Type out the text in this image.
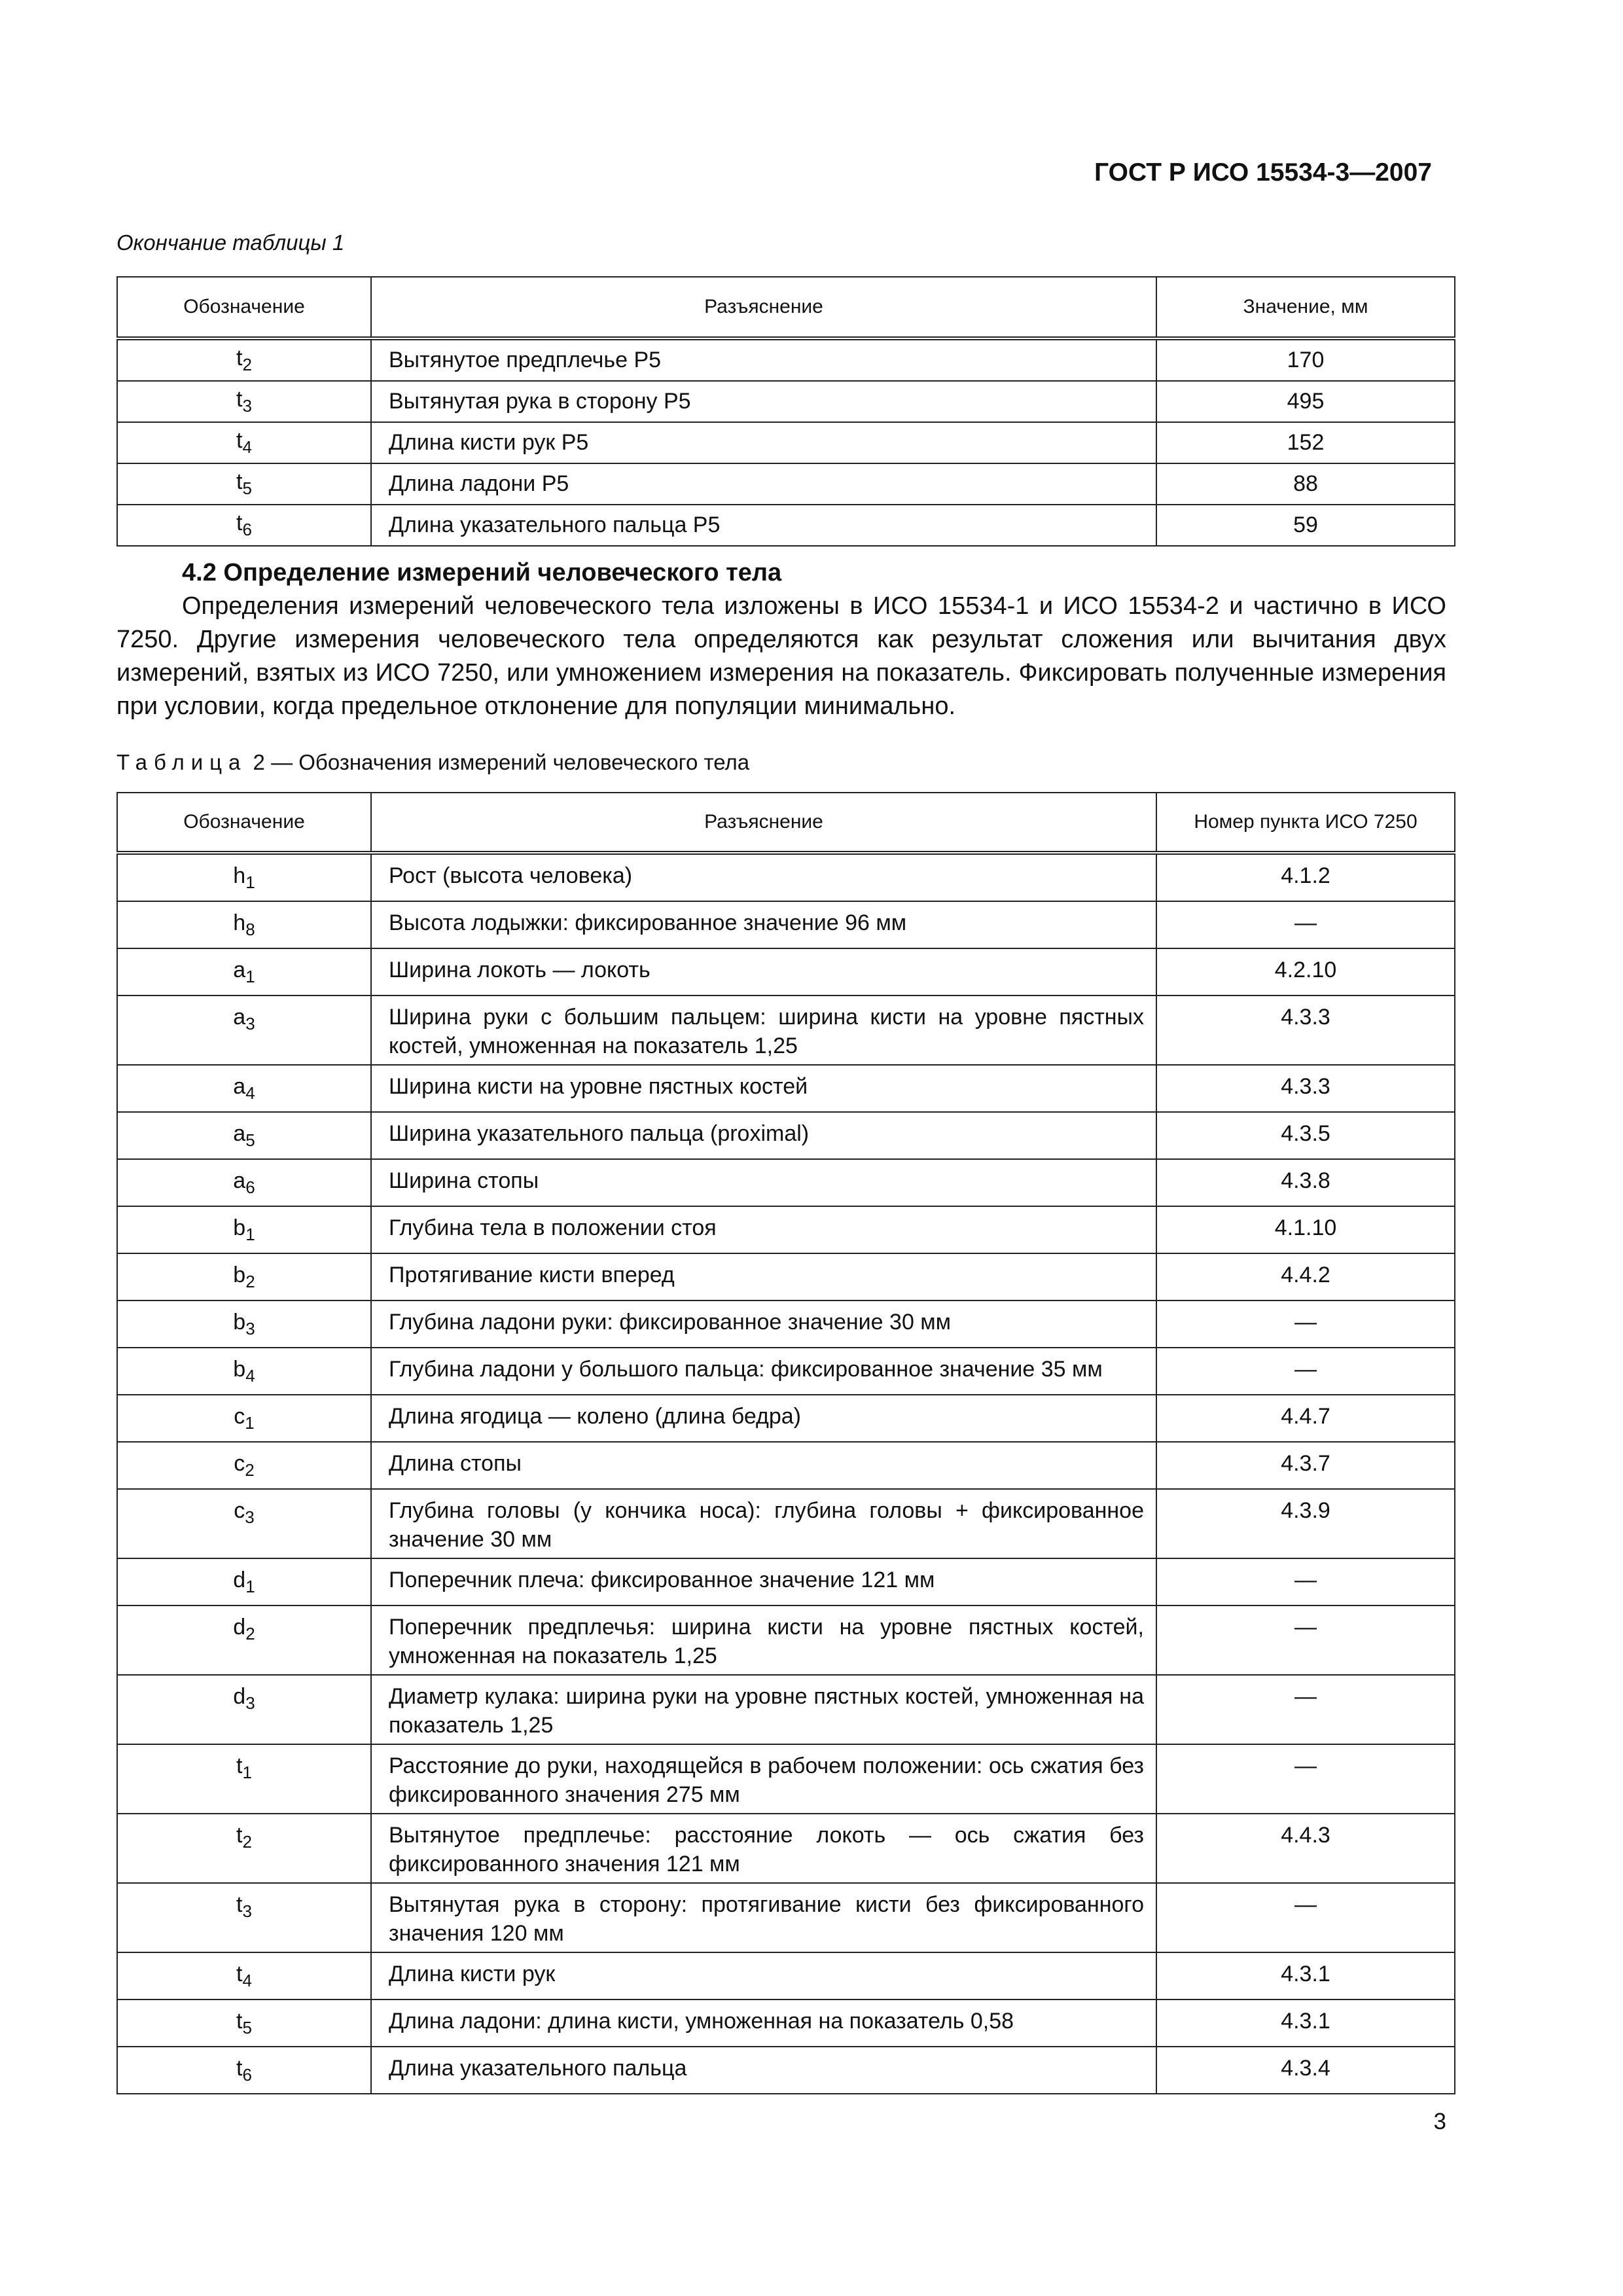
ГОСТ Р ИСО 15534-3—2007
Окончание таблицы 1
Обозначение	Разъяснение	Значение, мм
$t_2$	Вытянутое предплечье Р5	170
$t_3$	Вытянутая рука в сторону Р5	495
$t_4$	Длина кисти рук Р5	152
$t_5$	Длина ладони Р5	88
$t_6$	Длина указательного пальца Р5	59
4.2 Определение измерений человеческого тела
Определения измерений человеческого тела изложены в ИСО 15534-1 и ИСО 15534-2 и частично в ИСО 7250. Другие измерения человеческого тела определяются как результат сложения или вычитания двух измерений, взятых из ИСО 7250, или умножением измерения на показатель. Фиксировать полученные измерения при условии, когда предельное отклонение для популяции минимально.
Таблица 2 — Обозначения измерений человеческого тела
Обозначение	Разъяснение	Номер пункта ИСО 7250
$h_1$	Рост (высота человека)	4.1.2
$h_8$	Высота лодыжки: фиксированное значение 96 мм	—
$a_1$	Ширина локоть — локоть	4.2.10
$a_3$	Ширина руки с большим пальцем: ширина кисти на уровне пястных костей, умноженная на показатель 1,25	4.3.3
$a_4$	Ширина кисти на уровне пястных костей	4.3.3
$a_5$	Ширина указательного пальца (proximal)	4.3.5
$a_6$	Ширина стопы	4.3.8
$b_1$	Глубина тела в положении стоя	4.1.10
$b_2$	Протягивание кисти вперед	4.4.2
$b_3$	Глубина ладони руки: фиксированное значение 30 мм	—
$b_4$	Глубина ладони у большого пальца: фиксированное значение 35 мм	—
$c_1$	Длина ягодица — колено (длина бедра)	4.4.7
$c_2$	Длина стопы	4.3.7
$c_3$	Глубина головы (у кончика носа): глубина головы + фиксированное значение 30 мм	4.3.9
$d_1$	Поперечник плеча: фиксированное значение 121 мм	—
$d_2$	Поперечник предплечья: ширина кисти на уровне пястных костей, умноженная на показатель 1,25	—
$d_3$	Диаметр кулака: ширина руки на уровне пястных костей, умноженная на показатель 1,25	—
$t_1$	Расстояние до руки, находящейся в рабочем положении: ось сжатия без фиксированного значения 275 мм	—
$t_2$	Вытянутое предплечье: расстояние локоть — ось сжатия без фиксированного значения 121 мм	4.4.3
$t_3$	Вытянутая рука в сторону: протягивание кисти без фиксированного значения 120 мм	—
$t_4$	Длина кисти рук	4.3.1
$t_5$	Длина ладони: длина кисти, умноженная на показатель 0,58	4.3.1
$t_6$	Длина указательного пальца	4.3.4
3
